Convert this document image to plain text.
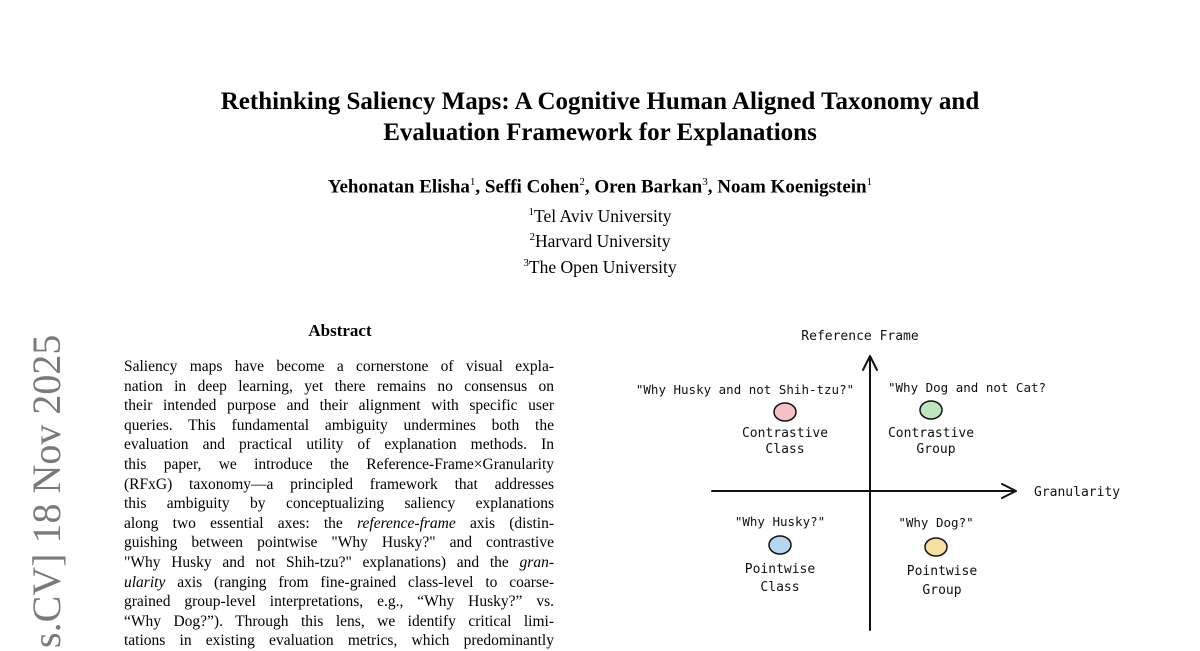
Rethinking Saliency Maps: A Cognitive Human Aligned Taxonomy and
Evaluation Framework for Explanations
Yehonatan Elisha$^1$, Seffi Cohen$^2$, Oren Barkan$^3$, Noam Koenigstein$^1$
$^1$Tel Aviv University
$^2$Harvard University
$^3$The Open University
s.CV] 18 Nov 2025
Abstract
Saliency maps have become a cornerstone of visual expla-
nation in deep learning, yet there remains no consensus on
their intended purpose and their alignment with specific user
queries. This fundamental ambiguity undermines both the
evaluation and practical utility of explanation methods. In
this paper, we introduce the Reference-Frame×Granularity
(RFxG) taxonomy—a principled framework that addresses
this ambiguity by conceptualizing saliency explanations
along two essential axes: the reference-frame axis (distin-
guishing between pointwise "Why Husky?" and contrastive
"Why Husky and not Shih-tzu?" explanations) and the gran-
ularity axis (ranging from fine-grained class-level to coarse-
grained group-level interpretations, e.g., “Why Husky?” vs.
“Why Dog?”). Through this lens, we identify critical limi-
tations in existing evaluation metrics, which predominantly
Reference Frame
Granularity
"Why Husky and not Shih-tzu?"
Contrastive
Class
"Why Dog and not Cat?
Contrastive
Group
"Why Husky?"
Pointwise
Class
"Why Dog?"
Pointwise
Group
